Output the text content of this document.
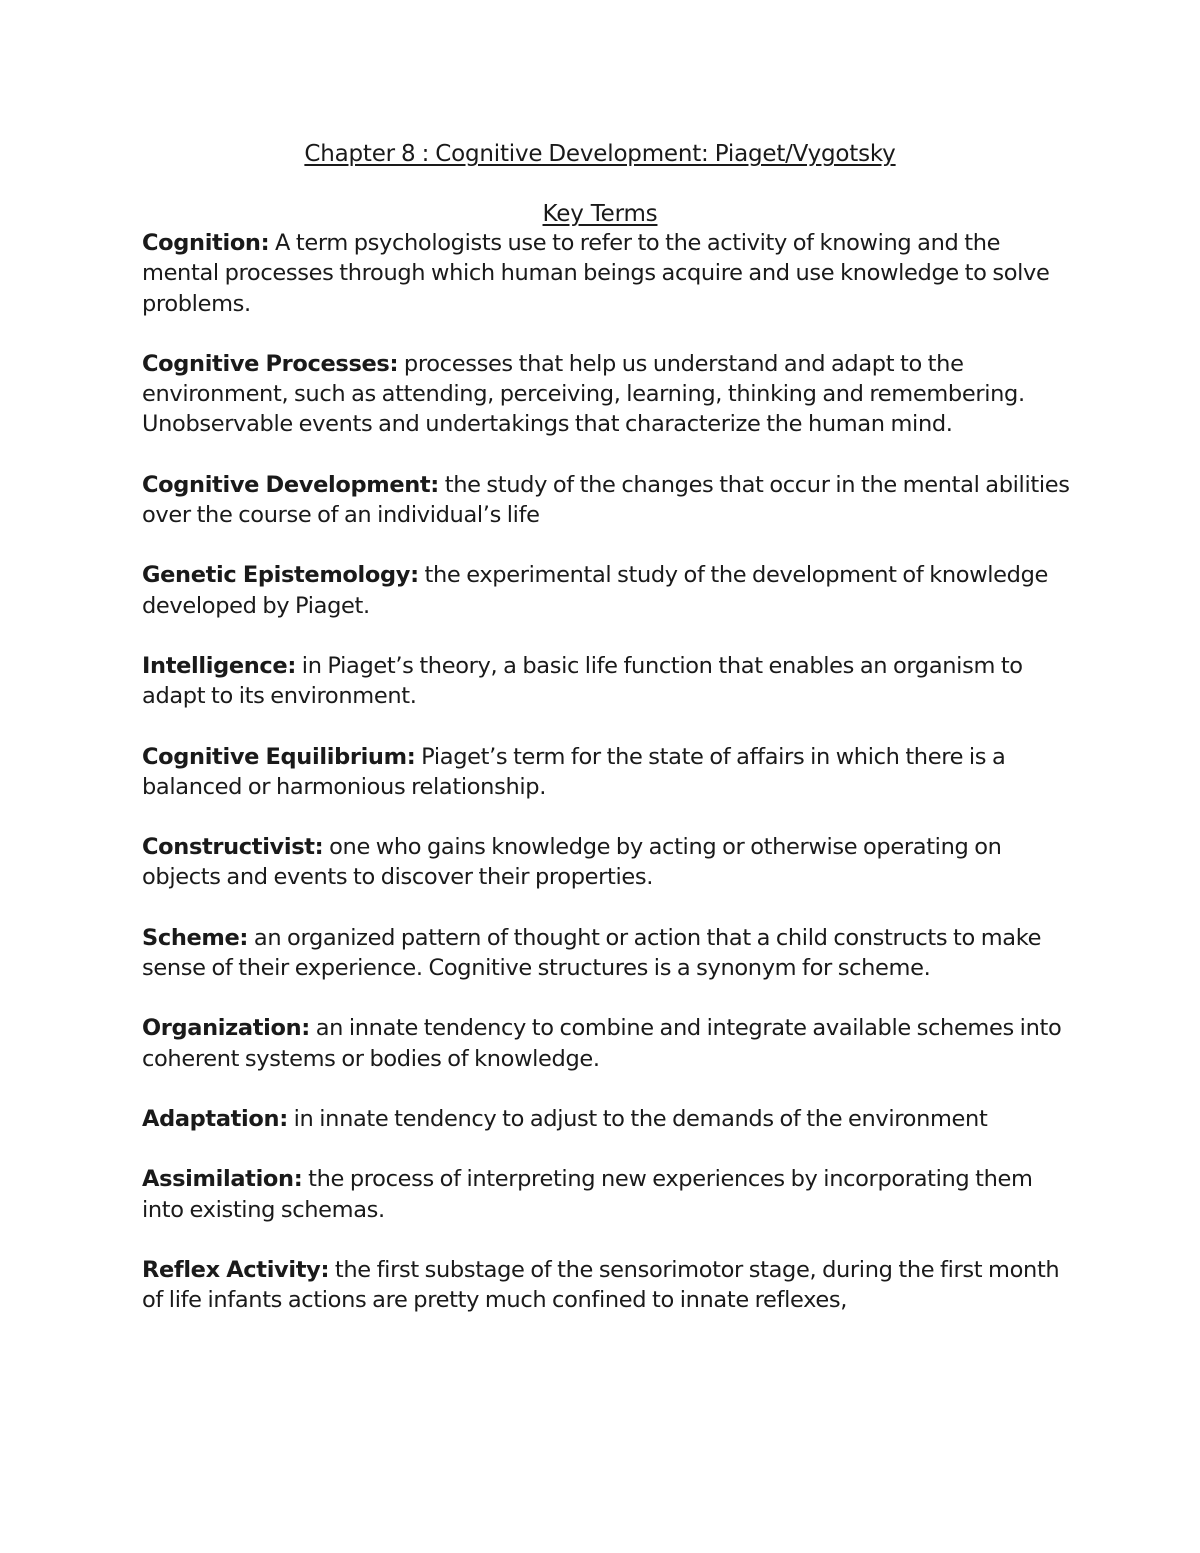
Chapter 8 : Cognitive Development: Piaget/Vygotsky
Key Terms

Cognition: A term psychologists use to refer to the activity of knowing and the mental processes through which human beings acquire and use knowledge to solve problems.

Cognitive Processes: processes that help us understand and adapt to the environment, such as attending, perceiving, learning, thinking and remembering. Unobservable events and undertakings that characterize the human mind.

Cognitive Development: the study of the changes that occur in the mental abilities over the course of an individual’s life

Genetic Epistemology: the experimental study of the development of knowledge developed by Piaget.

Intelligence: in Piaget’s theory, a basic life function that enables an organism to adapt to its environment.

Cognitive Equilibrium: Piaget’s term for the state of affairs in which there is a balanced or harmonious relationship.

Constructivist: one who gains knowledge by acting or otherwise operating on objects and events to discover their properties.

Scheme: an organized pattern of thought or action that a child constructs to make sense of their experience. Cognitive structures is a synonym for scheme.

Organization: an innate tendency to combine and integrate available schemes into coherent systems or bodies of knowledge.

Adaptation: in innate tendency to adjust to the demands of the environment

Assimilation: the process of interpreting new experiences by incorporating them into existing schemas.

Reflex Activity: the first substage of the sensorimotor stage, during the first month of life infants actions are pretty much confined to innate reflexes,
